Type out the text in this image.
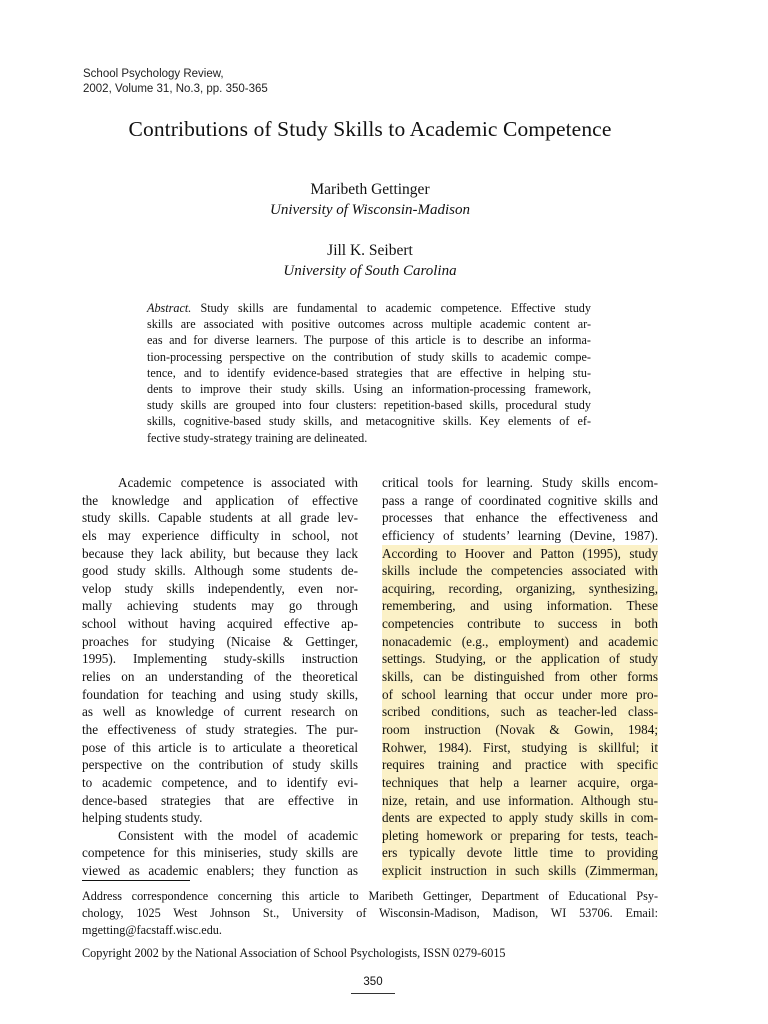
School Psychology Review,
2002, Volume 31, No.3, pp. 350-365
Contributions of Study Skills to Academic Competence
Maribeth Gettinger
University of Wisconsin-Madison
Jill K. Seibert
University of South Carolina
Abstract. Study skills are fundamental to academic competence. Effective study
skills are associated with positive outcomes across multiple academic content ar-
eas and for diverse learners. The purpose of this article is to describe an informa-
tion-processing perspective on the contribution of study skills to academic compe-
tence, and to identify evidence-based strategies that are effective in helping stu-
dents to improve their study skills. Using an information-processing framework,
study skills are grouped into four clusters: repetition-based skills, procedural study
skills, cognitive-based study skills, and metacognitive skills. Key elements of ef-
fective study-strategy training are delineated.
Academic competence is associated with
the knowledge and application of effective
study skills. Capable students at all grade lev-
els may experience difficulty in school, not
because they lack ability, but because they lack
good study skills. Although some students de-
velop study skills independently, even nor-
mally achieving students may go through
school without having acquired effective ap-
proaches for studying (Nicaise & Gettinger,
1995). Implementing study-skills instruction
relies on an understanding of the theoretical
foundation for teaching and using study skills,
as well as knowledge of current research on
the effectiveness of study strategies. The pur-
pose of this article is to articulate a theoretical
perspective on the contribution of study skills
to academic competence, and to identify evi-
dence-based strategies that are effective in
helping students study.
Consistent with the model of academic
competence for this miniseries, study skills are
viewed as academic enablers; they function as
critical tools for learning. Study skills encom-
pass a range of coordinated cognitive skills and
processes that enhance the effectiveness and
efficiency of students’ learning (Devine, 1987).
According to Hoover and Patton (1995), study
skills include the competencies associated with
acquiring, recording, organizing, synthesizing,
remembering, and using information. These
competencies contribute to success in both
nonacademic (e.g., employment) and academic
settings. Studying, or the application of study
skills, can be distinguished from other forms
of school learning that occur under more pro-
scribed conditions, such as teacher-led class-
room instruction (Novak & Gowin, 1984;
Rohwer, 1984). First, studying is skillful; it
requires training and practice with specific
techniques that help a learner acquire, orga-
nize, retain, and use information. Although stu-
dents are expected to apply study skills in com-
pleting homework or preparing for tests, teach-
ers typically devote little time to providing
explicit instruction in such skills (Zimmerman,
Address correspondence concerning this article to Maribeth Gettinger, Department of Educational Psy-
chology, 1025 West Johnson St., University of Wisconsin-Madison, Madison, WI 53706. Email:
mgetting@facstaff.wisc.edu.
Copyright 2002 by the National Association of School Psychologists, ISSN 0279-6015
350
